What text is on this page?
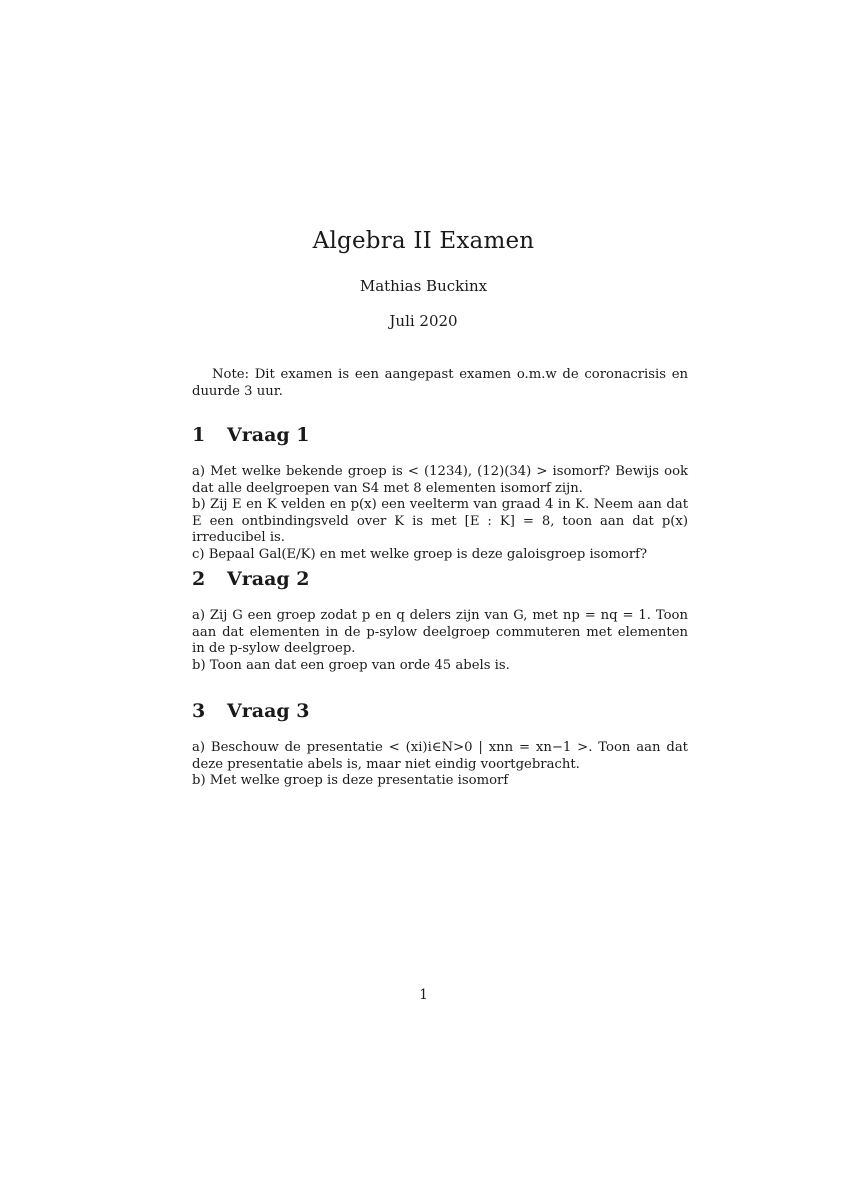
Algebra II Examen
Mathias Buckinx
Juli 2020
Note: Dit examen is een aangepast examen o.m.w de coronacrisis en duurde 3 uur.
1 Vraag 1
a) Met welke bekende groep is < (1234), (12)(34) > isomorf? Bewijs ook dat alle deelgroepen van S4 met 8 elementen isomorf zijn.
b) Zij E en K velden en p(x) een veelterm van graad 4 in K. Neem aan dat E een ontbindingsveld over K is met [E : K] = 8, toon aan dat p(x) irreducibel is.
c) Bepaal Gal(E/K) en met welke groep is deze galoisgroep isomorf?
2 Vraag 2
a) Zij G een groep zodat p en q delers zijn van G, met np = nq = 1. Toon aan dat elementen in de p-sylow deelgroep commuteren met elementen in de p-sylow deelgroep.
b) Toon aan dat een groep van orde 45 abels is.
3 Vraag 3
a) Beschouw de presentatie < (xi)i∈N>0 | xnn = xn−1 >. Toon aan dat deze presentatie abels is, maar niet eindig voortgebracht.
b) Met welke groep is deze presentatie isomorf
1
